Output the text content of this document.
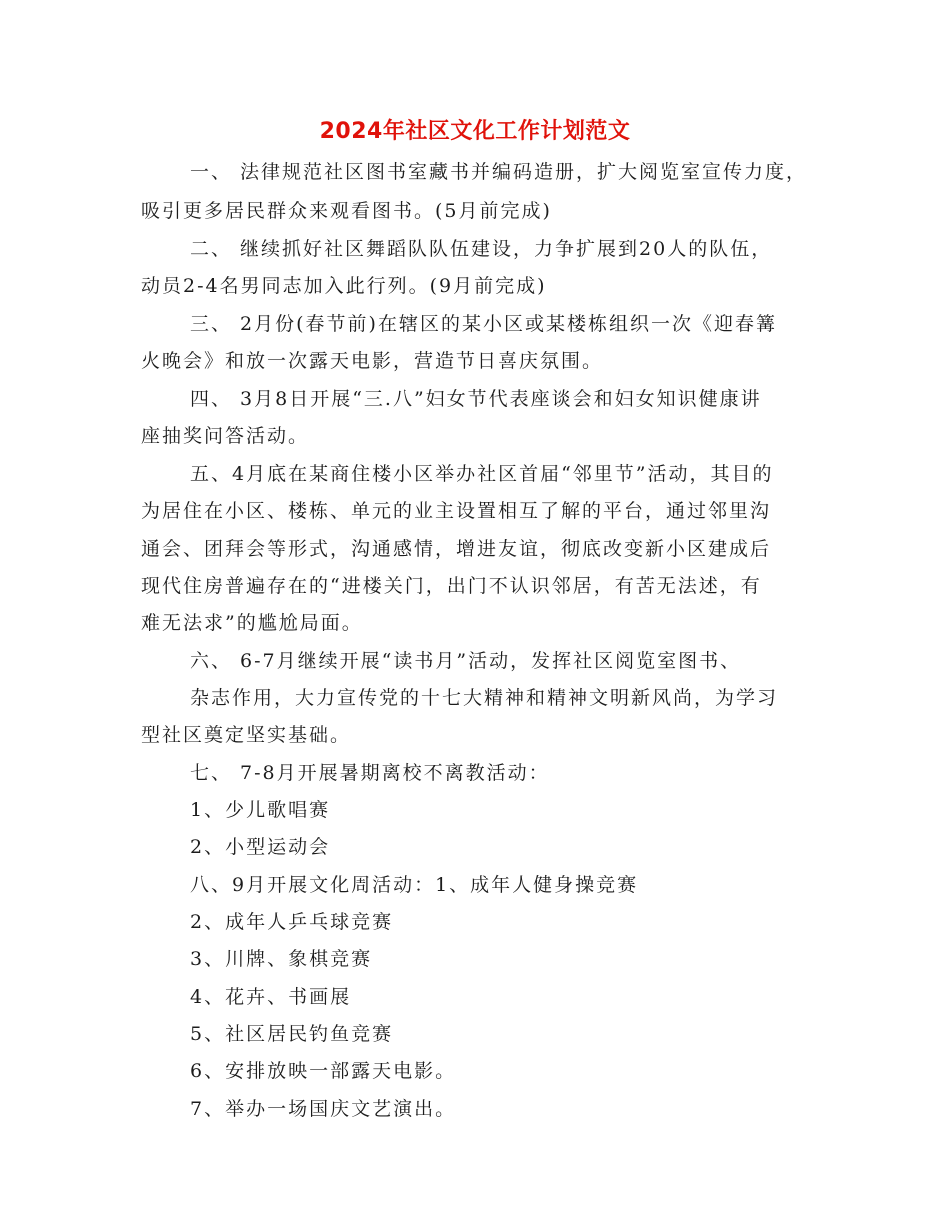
2024年社区文化工作计划范文
一、 法律规范社区图书室藏书并编码造册，扩大阅览室宣传力度，
吸引更多居民群众来观看图书。(5月前完成)
二、 继续抓好社区舞蹈队队伍建设，力争扩展到20人的队伍，
动员2-4名男同志加入此行列。(9月前完成)
三、 2月份(春节前)在辖区的某小区或某楼栋组织一次《迎春篝
火晚会》和放一次露天电影，营造节日喜庆氛围。
四、 3月8日开展“三.八”妇女节代表座谈会和妇女知识健康讲
座抽奖问答活动。
五、4月底在某商住楼小区举办社区首届“邻里节”活动，其目的
为居住在小区、楼栋、单元的业主设置相互了解的平台，通过邻里沟
通会、团拜会等形式，沟通感情，增进友谊，彻底改变新小区建成后
现代住房普遍存在的“进楼关门，出门不认识邻居，有苦无法述，有
难无法求”的尴尬局面。
六、 6-7月继续开展“读书月”活动，发挥社区阅览室图书、
杂志作用，大力宣传党的十七大精神和精神文明新风尚，为学习
型社区奠定坚实基础。
七、 7-8月开展暑期离校不离教活动：
1、少儿歌唱赛
2、小型运动会
八、9月开展文化周活动：1、成年人健身操竞赛
2、成年人乒乓球竞赛
3、川牌、象棋竞赛
4、花卉、书画展
5、社区居民钓鱼竞赛
6、安排放映一部露天电影。
7、举办一场国庆文艺演出。
